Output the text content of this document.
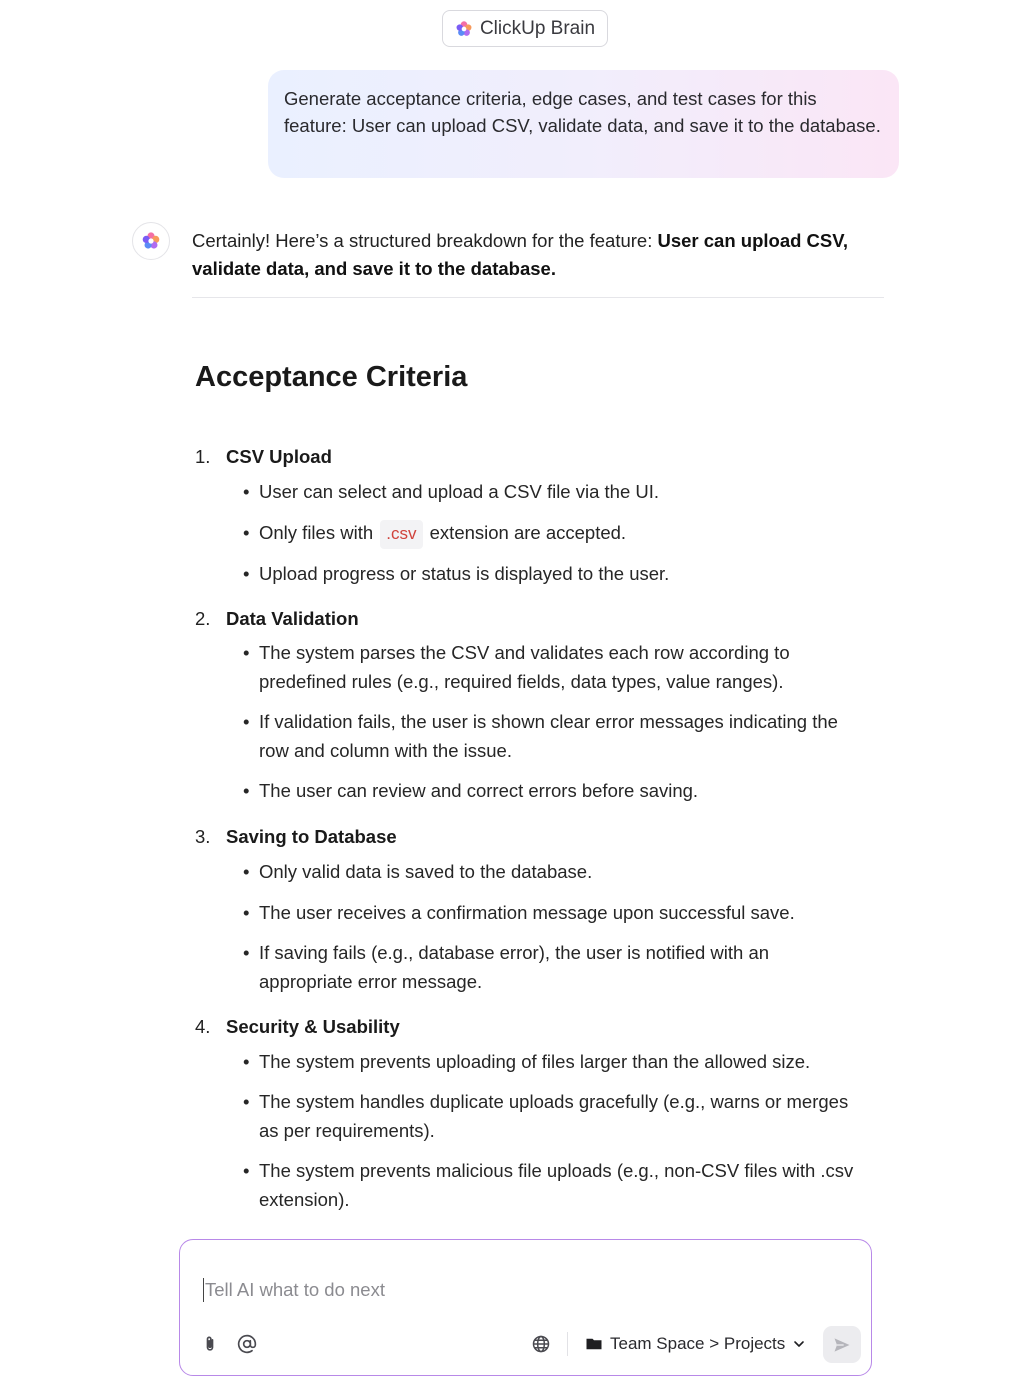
ClickUp Brain
Generate acceptance criteria, edge cases, and test cases for this feature: User can upload CSV, validate data, and save it to the database.
Certainly! Here’s a structured breakdown for the feature: User can upload CSV, validate data, and save it to the database.
Acceptance Criteria
1. CSV Upload
• User can select and upload a CSV file via the UI.
• Only files with .csv extension are accepted.
• Upload progress or status is displayed to the user.
2. Data Validation
• The system parses the CSV and validates each row according to predefined rules (e.g., required fields, data types, value ranges).
• If validation fails, the user is shown clear error messages indicating the row and column with the issue.
• The user can review and correct errors before saving.
3. Saving to Database
• Only valid data is saved to the database.
• The user receives a confirmation message upon successful save.
• If saving fails (e.g., database error), the user is notified with an appropriate error message.
4. Security & Usability
• The system prevents uploading of files larger than the allowed size.
• The system handles duplicate uploads gracefully (e.g., warns or merges as per requirements).
• The system prevents malicious file uploads (e.g., non-CSV files with .csv extension).
Tell AI what to do next
Team Space > Projects
